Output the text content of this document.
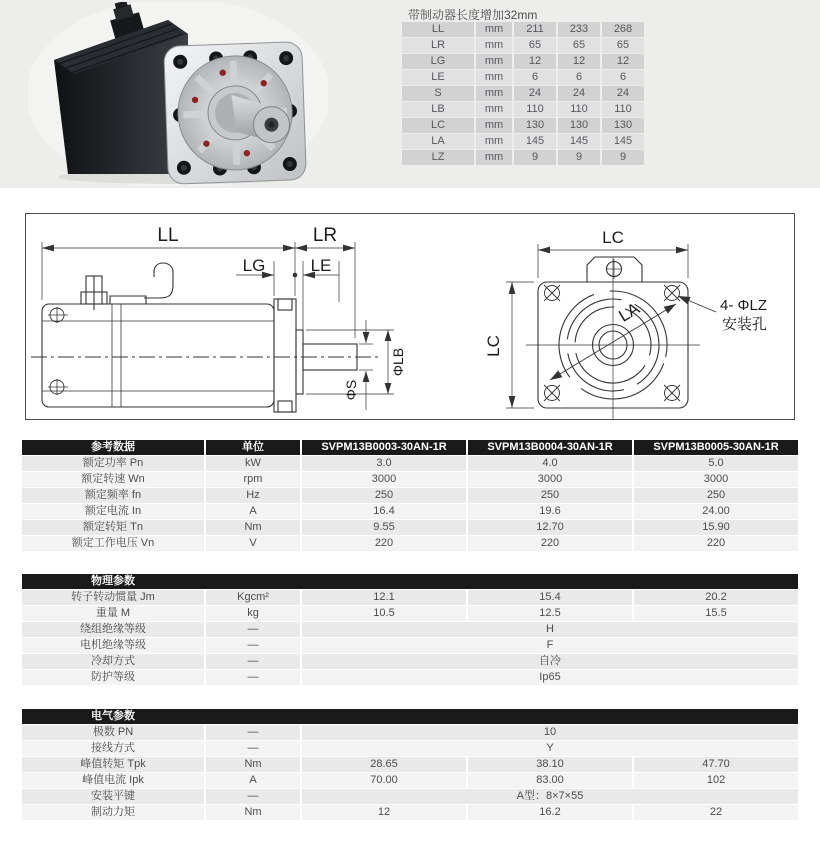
带制动器长度增加32mm
LL	mm	211	233	268
LR	mm	65	65	65
LG	mm	12	12	12
LE	mm	6	6	6
S	mm	24	24	24
LB	mm	110	110	110
LC	mm	130	130	130
LA	mm	145	145	145
LZ	mm	9	9	9
LL	LR
LG	LE
ΦS
ΦLB
LC
LC
LA	4- ΦLZ
安装孔
参考数据	单位	SVPM13B0003-30AN-1R	SVPM13B0004-30AN-1R	SVPM13B0005-30AN-1R
额定功率 Pn	kW	3.0	4.0	5.0
额定转速 Wn	rpm	3000	3000	3000
额定频率 fn	Hz	250	250	250
额定电流 In	A	16.4	19.6	24.00
额定转矩 Tn	Nm	9.55	12.70	15.90
额定工作电压 Vn	V	220	220	220
物理参数				
转子转动惯量 Jm	Kgcm²	12.1	15.4	20.2
重量 M	kg	10.5	12.5	15.5
绕组绝缘等级	—	H		
电机绝缘等级	—	F		
冷却方式	—	自冷		
防护等级	—	Ip65		
电气参数				
极数 PN	—	10		
接线方式	—	Y		
峰值转矩 Tpk	Nm	28.65	38.10	47.70
峰值电流 Ipk	A	70.00	83.00	102
安装平键	—	A型：8×7×55		
制动力矩	Nm	12	16.2	22
